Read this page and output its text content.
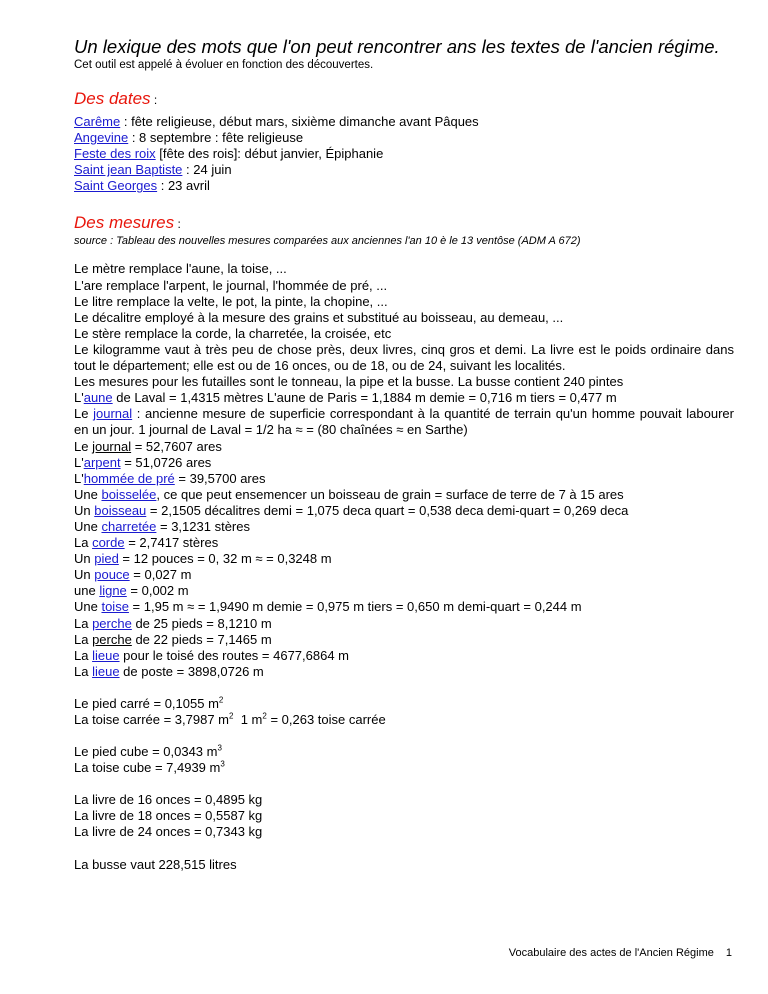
Un lexique des mots que l'on peut rencontrer ans les textes de l'ancien régime.

Cet outil est appelé à évoluer en fonction des découvertes.

Des dates :
Carême : fête religieuse, début mars, sixième dimanche avant Pâques
Angevine : 8 septembre : fête religieuse
Feste des roix [fête des rois]: début janvier, Épiphanie
Saint jean Baptiste : 24 juin
Saint Georges : 23 avril
Des mesures :

source : Tableau des nouvelles mesures comparées aux anciennes l'an 10 è le 13 ventôse (ADM A 672)

Le mètre remplace l'aune, la toise, ...
L'are remplace l'arpent, le journal, l'hommée de pré, ...
Le litre remplace la velte, le pot, la pinte, la chopine, ...
Le décalitre employé à la mesure des grains et substitué au boisseau, au demeau, ...
Le stère remplace la corde, la charretée, la croisée, etc
Le kilogramme vaut à très peu de chose près, deux livres, cinq gros et demi. La livre est le poids ordinaire dans tout le département; elle est ou de 16 onces, ou de 18, ou de 24, suivant les localités.
Les mesures pour les futailles sont le tonneau, la pipe et la busse. La busse contient 240 pintes
L'aune de Laval = 1,4315 mètres L'aune de Paris = 1,1884 m demie = 0,716 m tiers = 0,477 m
Le journal : ancienne mesure de superficie correspondant à la quantité de terrain qu'un homme pouvait labourer en un jour. 1 journal de Laval = 1/2 ha ≈ = (80 chaînées ≈ en Sarthe)
Le journal = 52,7607 ares
L'arpent = 51,0726 ares
L'hommée de pré = 39,5700 ares
Une boisselée, ce que peut ensemencer un boisseau de grain = surface de terre de 7 à 15 ares
Un boisseau = 2,1505 décalitres demi = 1,075 deca quart = 0,538 deca demi-quart = 0,269 deca
Une charretée = 3,1231 stères
La corde = 2,7417 stères
Un pied = 12 pouces = 0, 32 m ≈ = 0,3248 m
Un pouce = 0,027 m
une ligne = 0,002 m
Une toise = 1,95 m ≈ = 1,9490 m demie = 0,975 m tiers = 0,650 m demi-quart = 0,244 m
La perche de 25 pieds = 8,1210 m
La perche de 22 pieds = 7,1465 m
La lieue pour le toisé des routes = 4677,6864 m
La lieue de poste = 3898,0726 m
Le pied carré = 0,1055 $m^2$
La toise carrée = 3,7987 $m^2$  1 $m^2 = 0,263$ toise carrée
Le pied cube = 0,0343 $m^3$
La toise cube = 7,4939 $m^3$
La livre de 16 onces = 0,4895 kg
La livre de 18 onces = 0,5587 kg
La livre de 24 onces = 0,7343 kg
La busse vaut 228,515 litres
Vocabulaire des actes de l'Ancien Régime 1
